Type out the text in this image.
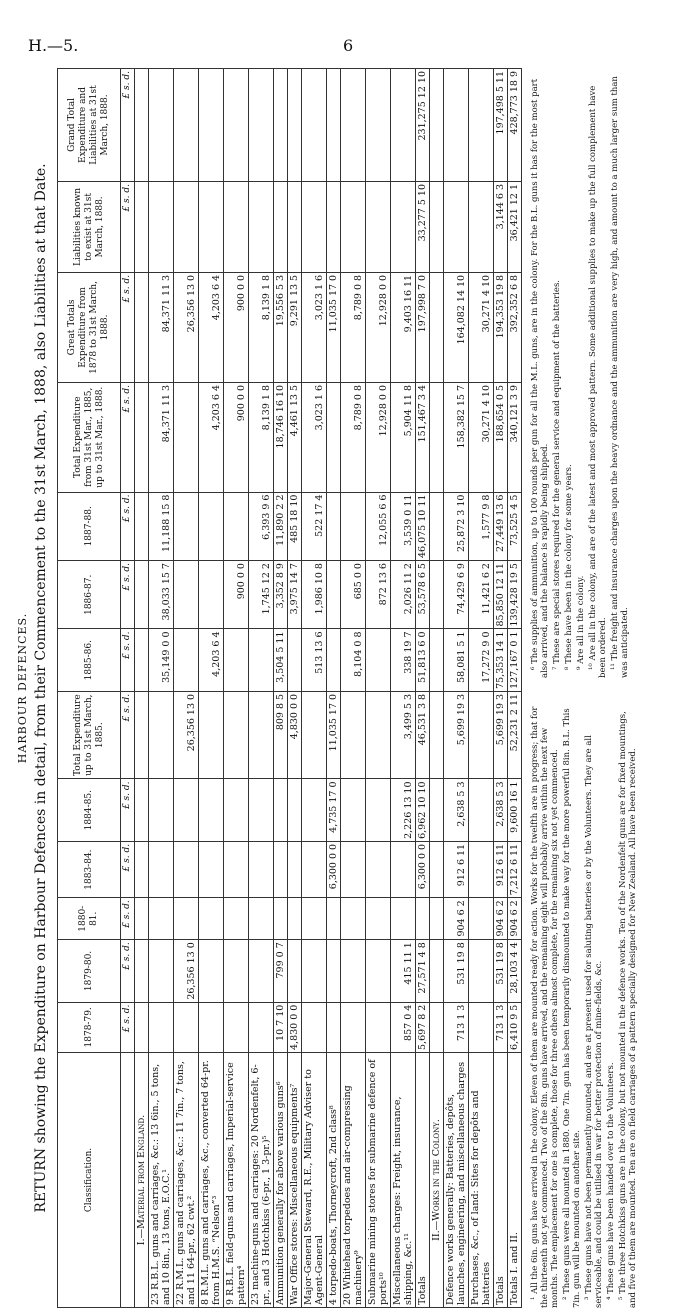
H.—5.	6
HARBOUR DEFENCES. RETURN showing the Expenditure on Harbour Defences in detail, from their Commencement to the 31st March, 1888, also Liabilities at that Date.	Classification.	1878-79.	1879-80.	1880-81.	1883-84.	1884-85.	Total Expenditure up to 31st March, 1885.	1885-86.	1886-87.	1887-88.	Total Expenditure from 31st Mar., 1885, up to 31st Mar., 1888.	Great Totals Expenditure from 1878 to 31st March, 1888.	Liabilities known to exist at 31st March, 1888.	Grand Total Expenditure and Liabilities at 31st March, 1888.
	£ s. d.	£ s. d.	£ s. d.	£ s. d.	£ s. d.	£ s. d.	£ s. d.	£ s. d.	£ s. d.	£ s. d.	£ s. d.	£ s. d.	£ s. d.
I.—Material from England.													
23 R.B.L. guns and carriages, &c.: 13 6in., 5 tons, and 10 8in., 13 tons, E.O.C.¹							35,149 0 0	38,033 15 7	11,188 15 8	84,371 11 3	84,371 11 3		
22 R.M.L. guns and carriages, &c.: 11 7in., 7 tons, and 11 64-pr., 62 cwt.²		26,356 13 0				26,356 13 0					26,356 13 0		
8 R.M.L. guns and carriages, &c., converted 64-pr. from H.M.S. “Nelson”³							4,203 6 4			4,203 6 4	4,203 6 4		
9 R.B.L. field-guns and carriages, Imperial-service pattern⁴								900 0 0		900 0 0	900 0 0		
23 machine-guns and carriages: 20 Nordenfelt, 6-pr., and 3 Hotchkiss (6-pr., 1 3-pr.)⁵								1,745 12 2	6,393 9 6	8,139 1 8	8,139 1 8		
Ammunition generally for above various guns⁶	10 7 10	799 0 7				809 8 5	3,504 5 11	3,352 8 9	11,890 2 2	18,746 16 10	19,556 5 3		
War Office stores: Miscellaneous equipments⁷	4,830 0 0					4,830 0 0		3,975 14 7	485 18 10	4,461 13 5	9,291 13 5		
Major-General Steward, R.E., Military Adviser to Agent-General							513 13 6	1,986 10 8	522 17 4	3,023 1 6	3,023 1 6		
4 torpedo-boats, Thorneycroft, 2nd class⁸				6,300 0 0	4,735 17 0	11,035 17 0					11,035 17 0		
20 Whitehead torpedoes and air-compressing machinery⁹							8,104 0 8	685 0 0		8,789 0 8	8,789 0 8		
Submarine mining stores for submarine defence of ports¹⁰								872 13 6	12,055 6 6	12,928 0 0	12,928 0 0		
Miscellaneous charges: Freight, insurance, shipping, &c.¹¹	857 0 4	415 11 1			2,226 13 10	3,499 5 3	338 19 7	2,026 11 2	3,539 0 11	5,904 11 8	9,403 16 11		
Totals	5,697 8 2	27,571 4 8		6,300 0 0	6,962 10 10	46,531 3 8	51,813 6 0	53,578 6 5	46,075 10 11	151,467 3 4	197,998 7 0	33,277 5 10	231,275 12 10
II.—Works in the Colony.													
Defence works generally: Batteries, depôts, launches, engineering, and miscellaneous charges	713 1 3	531 19 8	904 6 2	912 6 11	2,638 5 3	5,699 19 3	58,081 5 1	74,429 6 9	25,872 3 10	158,382 15 7	164,082 14 10		
Purchases, &c., of land: Sites for depôts and batteries							17,272 9 0	11,421 6 2	1,577 9 8	30,271 4 10	30,271 4 10		
Totals	713 1 3	531 19 8	904 6 2	912 6 11	2,638 5 3	5,699 19 3	75,353 14 1	85,850 12 11	27,449 13 6	188,654 0 5	194,353 19 8	3,144 6 3	197,498 5 11
Totals I. and II.	6,410 9 5	28,103 4 4	904 6 2	7,212 6 11	9,600 16 1	52,231 2 11	127,167 0 1	139,428 19 5	73,525 4 5	340,121 3 9	392,352 6 8	36,421 12 1	428,773 18 9

¹ All the 6in. guns have arrived in the colony. Eleven of them are mounted ready for action. Works for the twelfth are in progress; that for the thirteenth not yet commenced. Two of the 8in. guns have arrived, and the remaining eight will probably arrive within the next few months. The emplacement for one is complete, those for three others almost complete, for the remaining six not yet commenced. ² These guns were all mounted in 1880. One 7in. gun has been temporarily dismounted to make way for the more powerful 8in. B.L. This 7in. gun will be mounted on another site. ³ These guns have not been permanently mounted, and are at present used for saluting batteries or by the Volunteers. They are all serviceable, and could be utilised in war for better protection of mine-fields, &c. ⁴ These guns have been handed over to the Volunteers. ⁵ The three Hotchkiss guns are in the colony, but not mounted in the defence works. Ten of the Nordenfelt guns are for fixed mountings, and five of them are mounted. Ten are on field carriages of a pattern specially designed for New Zealand. All have been received.

⁶ The supplies of ammunition, up to 100 rounds per gun for all the M.L. guns, are in the colony. For the B.L. guns it has for the most part also arrived, and the balance is rapidly being shipped. ⁷ These are special stores required for the general service and equipment of the batteries. ⁸ These have been in the colony for some years. ⁹ Are all in the colony. ¹⁰ Are all in the colony, and are of the latest and most approved pattern. Some additional supplies to make up the full complement have been ordered. ¹¹ The freight and insurance charges upon the heavy ordnance and the ammunition are very high, and amount to a much larger sum than was anticipated.
